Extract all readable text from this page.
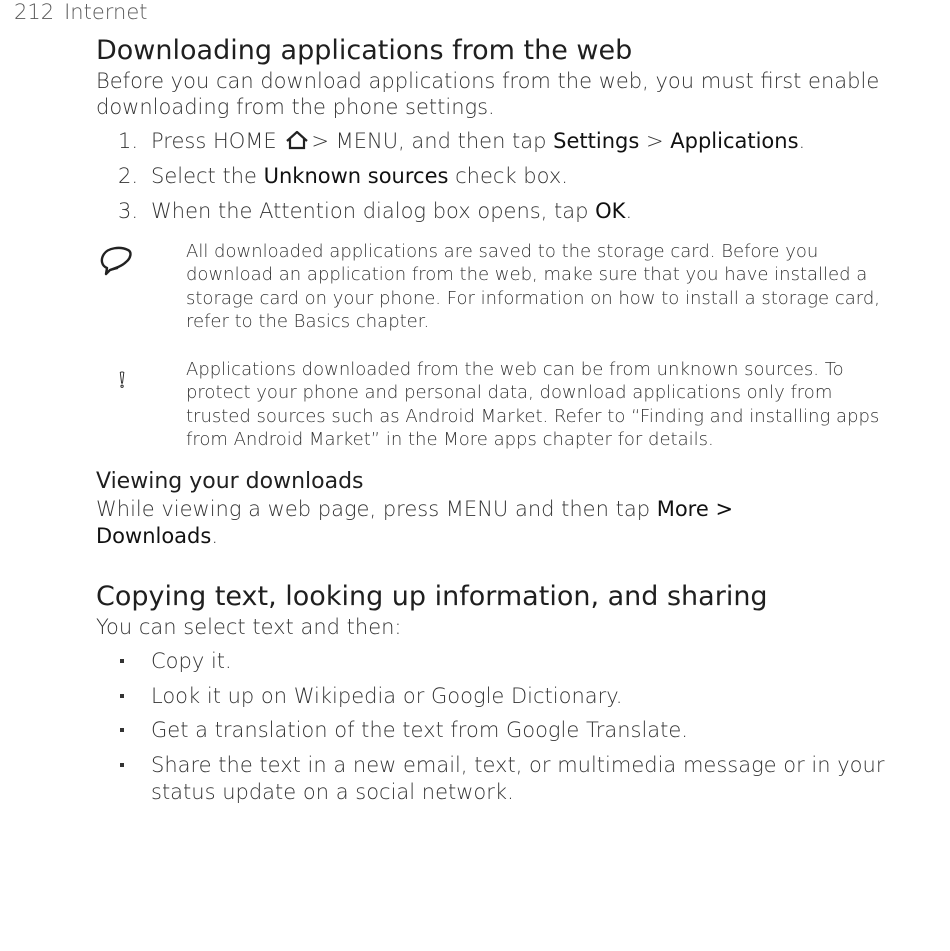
212 Internet
Downloading applications from the web

Before you can download applications from the web, you must first enable downloading from the phone settings.

1. Press HOME > MENU, and then tap Settings > Applications.
2. Select the Unknown sources check box.
3. When the Attention dialog box opens, tap OK.
All downloaded applications are saved to the storage card. Before you download an application from the web, make sure that you have installed a storage card on your phone. For information on how to install a storage card, refer to the Basics chapter.
Applications downloaded from the web can be from unknown sources. To protect your phone and personal data, download applications only from trusted sources such as Android Market. Refer to “Finding and installing apps from Android Market” in the More apps chapter for details.
Viewing your downloads

While viewing a web page, press MENU and then tap More >
Downloads.

Copying text, looking up information, and sharing

You can select text and then:

Copy it.
Look it up on Wikipedia or Google Dictionary.
Get a translation of the text from Google Translate.
Share the text in a new email, text, or multimedia message or in your status update on a social network.
